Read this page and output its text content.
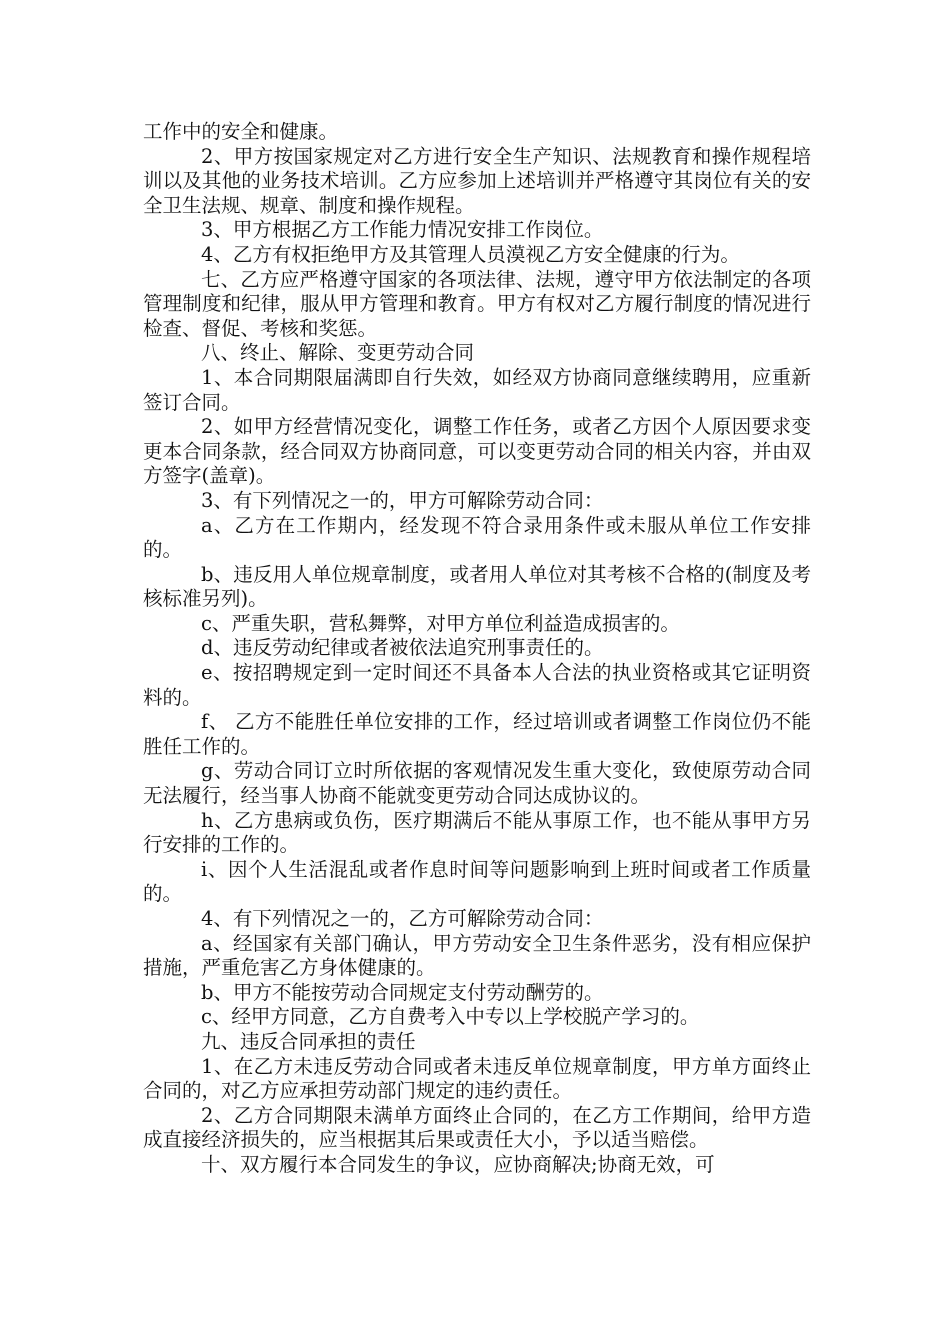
工作中的安全和健康。

2、甲方按国家规定对乙方进行安全生产知识、法规教育和操作规程培训以及其他的业务技术培训。乙方应参加上述培训并严格遵守其岗位有关的安全卫生法规、规章、制度和操作规程。

3、甲方根据乙方工作能力情况安排工作岗位。

4、乙方有权拒绝甲方及其管理人员漠视乙方安全健康的行为。

七、乙方应严格遵守国家的各项法律、法规，遵守甲方依法制定的各项管理制度和纪律，服从甲方管理和教育。甲方有权对乙方履行制度的情况进行检查、督促、考核和奖惩。

八、终止、解除、变更劳动合同

1、本合同期限届满即自行失效，如经双方协商同意继续聘用，应重新签订合同。

2、如甲方经营情况变化，调整工作任务，或者乙方因个人原因要求变更本合同条款，经合同双方协商同意，可以变更劳动合同的相关内容，并由双方签字(盖章)。

3、有下列情况之一的，甲方可解除劳动合同：

a、乙方在工作期内，经发现不符合录用条件或未服从单位工作安排的。

b、违反用人单位规章制度，或者用人单位对其考核不合格的(制度及考核标准另列)。

c、严重失职，营私舞弊，对甲方单位利益造成损害的。

d、违反劳动纪律或者被依法追究刑事责任的。

e、按招聘规定到一定时间还不具备本人合法的执业资格或其它证明资料的。

f、 乙方不能胜任单位安排的工作，经过培训或者调整工作岗位仍不能胜任工作的。

g、劳动合同订立时所依据的客观情况发生重大变化，致使原劳动合同无法履行，经当事人协商不能就变更劳动合同达成协议的。

h、乙方患病或负伤，医疗期满后不能从事原工作，也不能从事甲方另行安排的工作的。

i、因个人生活混乱或者作息时间等问题影响到上班时间或者工作质量的。

4、有下列情况之一的，乙方可解除劳动合同：

a、经国家有关部门确认，甲方劳动安全卫生条件恶劣，没有相应保护措施，严重危害乙方身体健康的。

b、甲方不能按劳动合同规定支付劳动酬劳的。

c、经甲方同意，乙方自费考入中专以上学校脱产学习的。

九、违反合同承担的责任

1、在乙方未违反劳动合同或者未违反单位规章制度，甲方单方面终止合同的，对乙方应承担劳动部门规定的违约责任。

2、乙方合同期限未满单方面终止合同的，在乙方工作期间，给甲方造成直接经济损失的，应当根据其后果或责任大小，予以适当赔偿。

十、双方履行本合同发生的争议，应协商解决;协商无效，可
